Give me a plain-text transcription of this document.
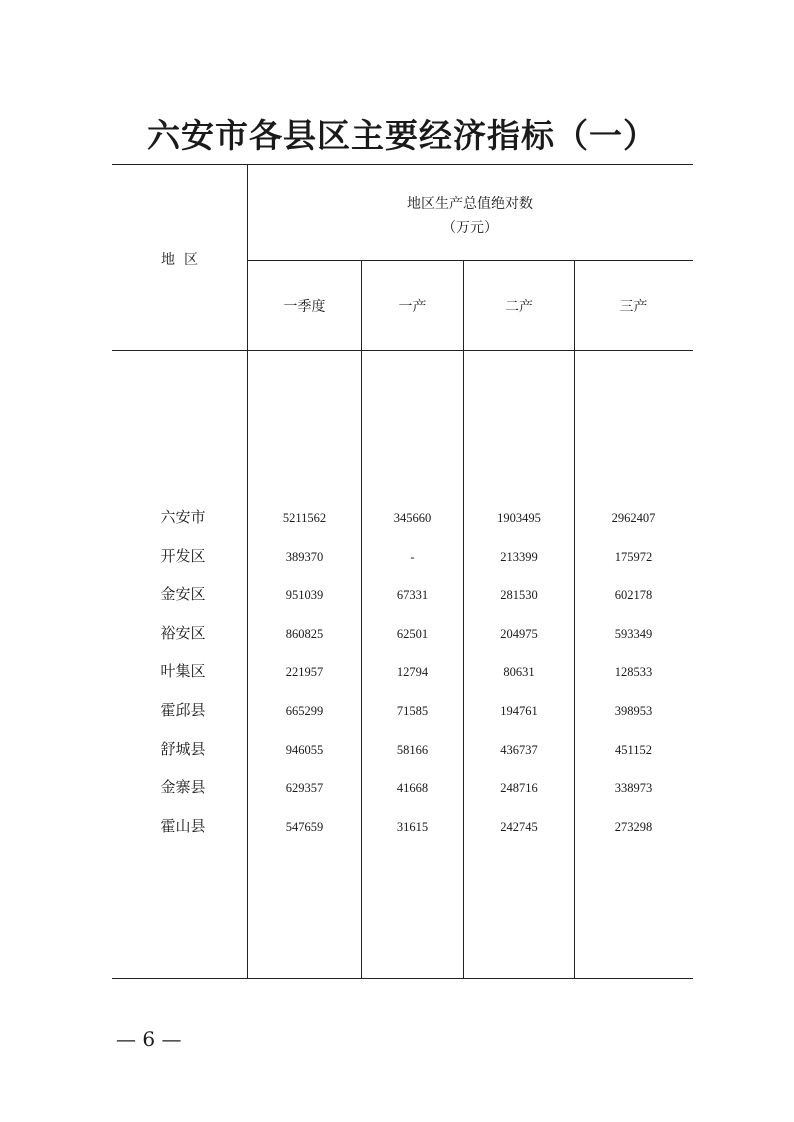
六安市各县区主要经济指标（一）
地  区
地区生产总值绝对数
（万元）
一季度	一产	二产	三产
六安市	5211562	345660	1903495	2962407
开发区	389370	-	213399	175972
金安区	951039	67331	281530	602178
裕安区	860825	62501	204975	593349
叶集区	221957	12794	80631	128533
霍邱县	665299	71585	194761	398953
舒城县	946055	58166	436737	451152
金寨县	629357	41668	248716	338973
霍山县	547659	31615	242745	273298
— 6 —
